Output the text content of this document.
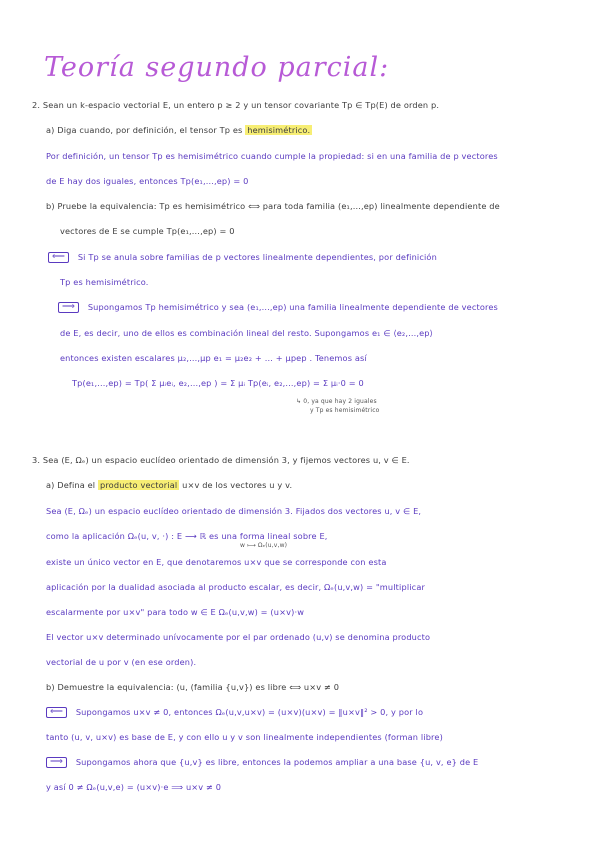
Teoría segundo parcial:
2. Sean un k-espacio vectorial E, un entero p ≥ 2 y un tensor covariante Tp ∈ Tp(E) de orden p.
a) Diga cuando, por definición, el tensor Tp es hemisimétrico.
Por definición, un tensor Tp es hemisimétrico cuando cumple la propiedad: si en una familia de p vectores
de E hay dos iguales, entonces Tp(e₁,...,ep) = 0
b) Pruebe la equivalencia: Tp es hemisimétrico ⟺ para toda familia (e₁,...,ep) linealmente dependiente de
vectores de E se cumple Tp(e₁,...,ep) = 0
⟸ Si Tp se anula sobre familias de p vectores linealmente dependientes, por definición
Tp es hemisimétrico.
⟹ Supongamos Tp hemisimétrico y sea (e₁,...,ep) una familia linealmente dependiente de vectores
de E, es decir, uno de ellos es combinación lineal del resto. Supongamos e₁ ∈ ⟨e₂,...,ep⟩
entonces existen escalares μ₂,...,μp e₁ = μ₂e₂ + ... + μpep . Tenemos así
Tp(e₁,...,ep) = Tp( Σ μᵢeᵢ, e₂,...,ep ) = Σ μᵢ Tp(eᵢ, e₂,...,ep) = Σ μᵢ·0 = 0
↳ 0, ya que hay 2 iguales
y Tp es hemisimétrico
3. Sea (E, Ωₑ) un espacio euclídeo orientado de dimensión 3, y fijemos vectores u, v ∈ E.
a) Defina el producto vectorial u×v de los vectores u y v.
Sea (E, Ωₑ) un espacio euclídeo orientado de dimensión 3. Fijados dos vectores u, v ∈ E,
como la aplicación Ωₑ(u, v, ·) : E ⟶ ℝ es una forma lineal sobre E,
w ⟼ Ωₑ(u,v,w)
existe un único vector en E, que denotaremos u×v que se corresponde con esta
aplicación por la dualidad asociada al producto escalar, es decir, Ωₑ(u,v,w) = "multiplicar
escalarmente por u×v" para todo w ∈ E Ωₑ(u,v,w) = (u×v)·w
El vector u×v determinado unívocamente por el par ordenado (u,v) se denomina producto
vectorial de u por v (en ese orden).
b) Demuestre la equivalencia: (u, (familia {u,v}) es libre ⟺ u×v ≠ 0
⟸ Supongamos u×v ≠ 0, entonces Ωₑ(u,v,u×v) = (u×v)(u×v) = ‖u×v‖² > 0, y por lo
tanto (u, v, u×v) es base de E, y con ello u y v son linealmente independientes (forman libre)
⟹ Supongamos ahora que {u,v} es libre, entonces la podemos ampliar a una base {u, v, e} de E
y así 0 ≠ Ωₑ(u,v,e) = (u×v)·e ⟹ u×v ≠ 0
